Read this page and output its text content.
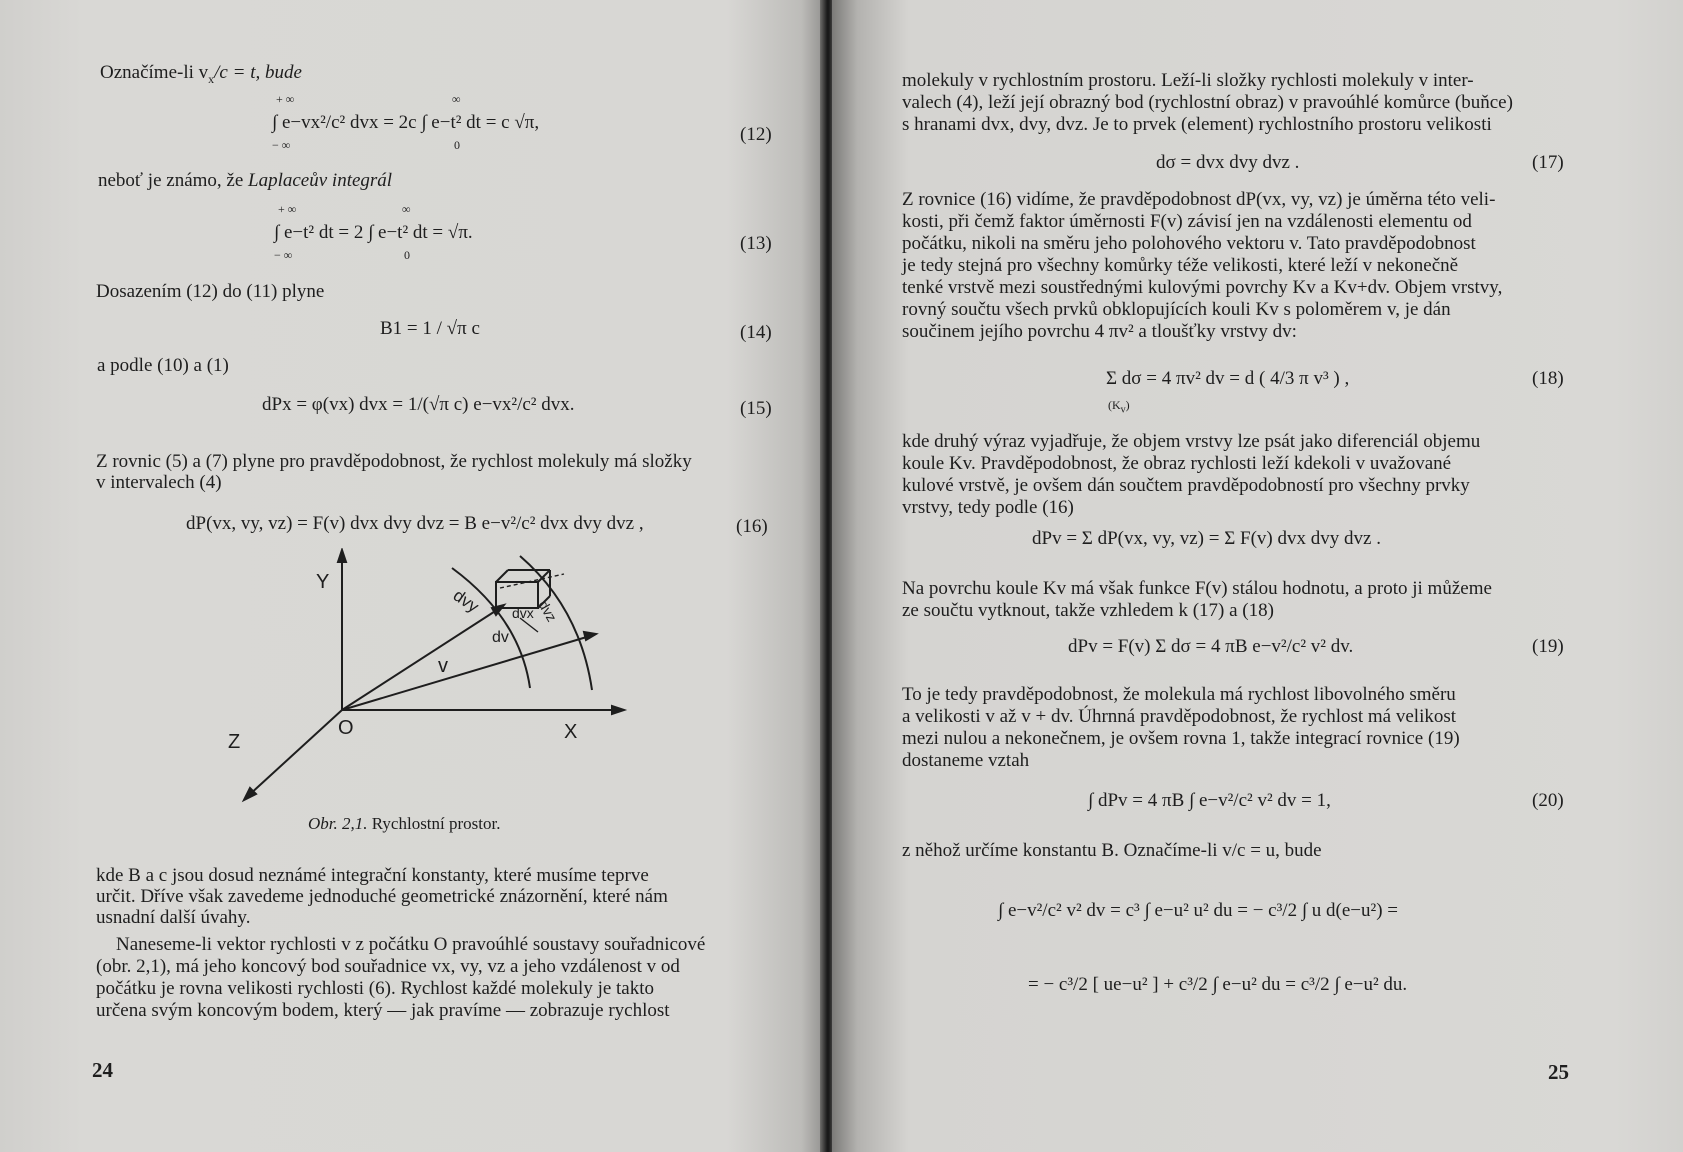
Označíme-li $v_x/c = t$, bude
+ ∞	∞
− ∞	0
∫ e−vx²/c² dvx = 2c ∫ e−t² dt = c √π,
(12)
neboť je známo, že Laplaceův integrál
+ ∞	∞
− ∞	0
∫ e−t² dt = 2 ∫ e−t² dt = √π.
(13)
Dosazením (12) do (11) plyne
B1 = 1 / √π c	(14)
a podle (10) a (1)
dPx = φ(vx) dvx = 1/(√π c) e−vx²/c² dvx.	(15)
Z rovnic (5) a (7) plyne pro pravděpodobnost, že rychlost molekuly má složky
v intervalech (4)
dP(vx, vy, vz) = F(v) dvx dvy dvz = B e−v²/c² dvx dvy dvz ,	(16)
Y
X
Z
O
v
dv
dvy dvx dvz
Obr. 2,1. Rychlostní prostor.
kde B a c jsou dosud neznámé integrační konstanty, které musíme teprve
určit. Dříve však zavedeme jednoduché geometrické znázornění, které nám
usnadní další úvahy.
Naneseme-li vektor rychlosti v z počátku O pravoúhlé soustavy souřadnicové
(obr. 2,1), má jeho koncový bod souřadnice vx, vy, vz a jeho vzdálenost v od
počátku je rovna velikosti rychlosti (6). Rychlost každé molekuly je takto
určena svým koncovým bodem, který — jak pravíme — zobrazuje rychlost
24
molekuly v rychlostním prostoru. Leží-li složky rychlosti molekuly v inter-
valech (4), leží její obrazný bod (rychlostní obraz) v pravoúhlé komůrce (buňce)
s hranami dvx, dvy, dvz. Je to prvek (element) rychlostního prostoru velikosti
dσ = dvx dvy dvz .	(17)
Z rovnice (16) vidíme, že pravděpodobnost dP(vx, vy, vz) je úměrna této veli-
kosti, při čemž faktor úměrnosti F(v) závisí jen na vzdálenosti elementu od
počátku, nikoli na směru jeho polohového vektoru v. Tato pravděpodobnost
je tedy stejná pro všechny komůrky téže velikosti, které leží v nekonečně
tenké vrstvě mezi soustřednými kulovými povrchy Kv a Kv+dv. Objem vrstvy,
rovný součtu všech prvků obklopujících kouli Kv s poloměrem v, je dán
součinem jejího povrchu 4 πv² a tloušťky vrstvy dv:
Σ dσ = 4 πv² dv = d ( 4/3 π v³ ) ,
$(K_v)$
(18)
kde druhý výraz vyjadřuje, že objem vrstvy lze psát jako diferenciál objemu
koule Kv. Pravděpodobnost, že obraz rychlosti leží kdekoli v uvažované
kulové vrstvě, je ovšem dán součtem pravděpodobností pro všechny prvky
vrstvy, tedy podle (16)
dPv = Σ dP(vx, vy, vz) = Σ F(v) dvx dvy dvz .
Na povrchu koule Kv má však funkce F(v) stálou hodnotu, a proto ji můžeme
ze součtu vytknout, takže vzhledem k (17) a (18)
dPv = F(v) Σ dσ = 4 πB e−v²/c² v² dv.	(19)
To je tedy pravděpodobnost, že molekula má rychlost libovolného směru
a velikosti v až v + dv. Úhrnná pravděpodobnost, že rychlost má velikost
mezi nulou a nekonečnem, je ovšem rovna 1, takže integrací rovnice (19)
dostaneme vztah
∫ dPv = 4 πB ∫ e−v²/c² v² dv = 1,	(20)
z něhož určíme konstantu B. Označíme-li v/c = u, bude
∫ e−v²/c² v² dv = c³ ∫ e−u² u² du = − c³/2 ∫ u d(e−u²) =
= − c³/2 [ ue−u² ] + c³/2 ∫ e−u² du = c³/2 ∫ e−u² du.
25
